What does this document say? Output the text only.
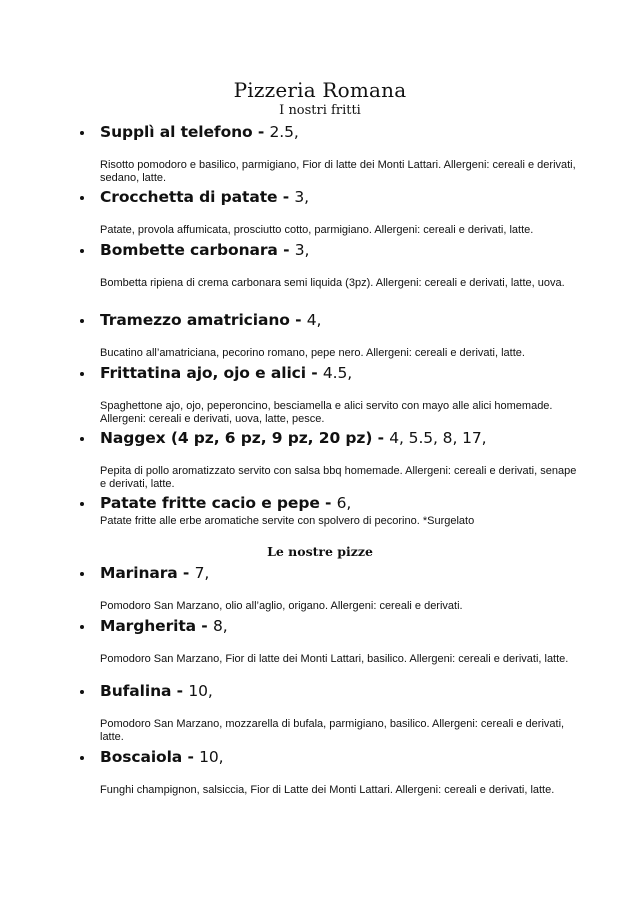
Pizzeria Romana
I nostri fritti
Supplì al telefono - 2.5,
Risotto pomodoro e basilico, parmigiano, Fior di latte dei Monti Lattari. Allergeni: cereali e derivati, sedano, latte.
Crocchetta di patate - 3,
Patate, provola affumicata, prosciutto cotto, parmigiano. Allergeni: cereali e derivati, latte.
Bombette carbonara - 3,
Bombetta ripiena di crema carbonara semi liquida (3pz). Allergeni: cereali e derivati, latte, uova.
Tramezzo amatriciano - 4,
Bucatino all’amatriciana, pecorino romano, pepe nero. Allergeni: cereali e derivati, latte.
Frittatina ajo, ojo e alici - 4.5,
Spaghettone ajo, ojo, peperoncino, besciamella e alici servito con mayo alle alici homemade. Allergeni: cereali e derivati, uova, latte, pesce.
Naggex (4 pz, 6 pz, 9 pz, 20 pz) - 4, 5.5, 8, 17,
Pepita di pollo aromatizzato servito con salsa bbq homemade. Allergeni: cereali e derivati, senape e derivati, latte.
Patate fritte cacio e pepe - 6,
Patate fritte alle erbe aromatiche servite con spolvero di pecorino. *Surgelato
Le nostre pizze
Marinara - 7,
Pomodoro San Marzano, olio all’aglio, origano. Allergeni: cereali e derivati.
Margherita - 8,
Pomodoro San Marzano, Fior di latte dei Monti Lattari, basilico. Allergeni: cereali e derivati, latte.
Bufalina - 10,
Pomodoro San Marzano, mozzarella di bufala, parmigiano, basilico. Allergeni: cereali e derivati, latte.
Boscaiola - 10,
Funghi champignon, salsiccia, Fior di Latte dei Monti Lattari. Allergeni: cereali e derivati, latte.
